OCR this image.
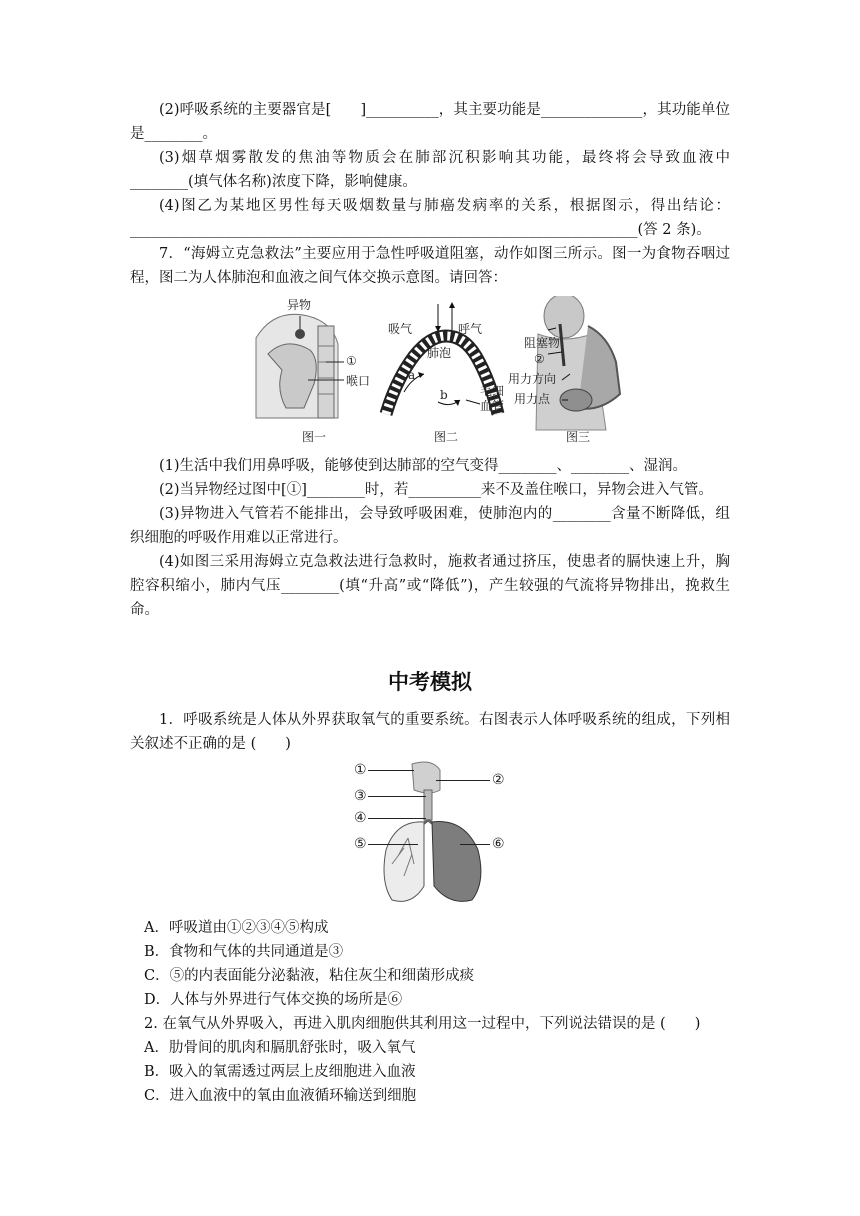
(2)呼吸系统的主要器官是[　　]__________，其主要功能是______________，其功能单位是________。

(3)烟草烟雾散发的焦油等物质会在肺部沉积影响其功能，最终将会导致血液中________(填气体名称)浓度下降，影响健康。

(4)图乙为某地区男性每天吸烟数量与肺癌发病率的关系，根据图示，得出结论：______________________________________________________________________(答 2 条)。

7．“海姆立克急救法”主要应用于急性呼吸道阻塞，动作如图三所示。图一为食物吞咽过程，图二为人体肺泡和血液之间气体交换示意图。请回答：

异物
①
喉口
图一
吸气	呼气
肺泡
a
b	毛细
血管
图二
阻塞物
②
用力方向
用力点
图三

(1)生活中我们用鼻呼吸，能够使到达肺部的空气变得________、________、湿润。

(2)当异物经过图中[①]________时，若__________来不及盖住喉口，异物会进入气管。

(3)异物进入气管若不能排出，会导致呼吸困难，使肺泡内的________含量不断降低，组织细胞的呼吸作用难以正常进行。

(4)如图三采用海姆立克急救法进行急救时，施救者通过挤压，使患者的膈快速上升，胸腔容积缩小，肺内气压________(填“升高”或“降低”)，产生较强的气流将异物排出，挽救生命。

中考模拟

1．呼吸系统是人体从外界获取氧气的重要系统。右图表示人体呼吸系统的组成，下列相关叙述不正确的是 (　　)

①
②
③
④
⑤	⑥

A．呼吸道由①②③④⑤构成

B．食物和气体的共同通道是③

C．⑤的内表面能分泌黏液，粘住灰尘和细菌形成痰

D．人体与外界进行气体交换的场所是⑥

2. 在氧气从外界吸入，再进入肌肉细胞供其利用这一过程中，下列说法错误的是 (　　)

A．肋骨间的肌肉和膈肌舒张时，吸入氧气

B．吸入的氧需透过两层上皮细胞进入血液

C．进入血液中的氧由血液循环输送到细胞
